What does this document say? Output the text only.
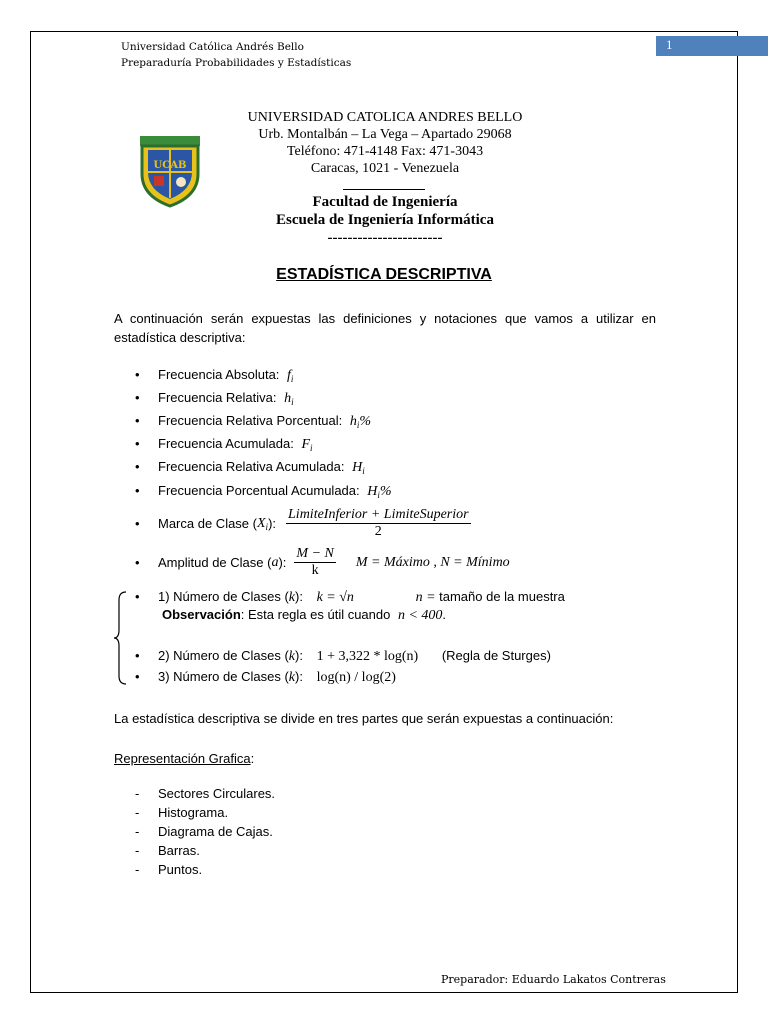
1
Universidad Católica Andrés Bello
Preparaduría Probabilidades y Estadísticas
UCAB
UNIVERSIDAD CATOLICA ANDRES BELLO
Urb. Montalbán – La Vega – Apartado 29068
Teléfono: 471-4148 Fax: 471-3043
Caracas, 1021 - Venezuela
Facultad de Ingeniería
Escuela de Ingeniería Informática
-----------------------
ESTADÍSTICA DESCRIPTIVA
A continuación serán expuestas las definiciones y notaciones que vamos a utilizar en estadística descriptiva:
• Frecuencia Absoluta: $f_i$
• Frecuencia Relativa: $h_i$
• Frecuencia Relativa Porcentual: $h_i\%$
• Frecuencia Acumulada: $F_i$
• Frecuencia Relativa Acumulada: $H_i$
• Frecuencia Porcentual Acumulada: $H_i\%$
•	Marca de Clase ( X i ): $\frac{\text{LimiteInferior + LimiteSuperior}}{2}$
•	Amplitud de Clase ( a ): $\frac{M - N}{k}$ M = Máximo , N = Mínimo
• 1) Número de Clases (k): k = √n	n = tamaño de la muestra
Observación: Esta regla es útil cuando n < 400.
• 2) Número de Clases (k): 1 + 3,322 * log(n) (Regla de Sturges)
• 3) Número de Clases (k): log(n) / log(2)
La estadística descriptiva se divide en tres partes que serán expuestas a continuación:
Representación Grafica:
- Sectores Circulares.
- Histograma.
- Diagrama de Cajas.
- Barras.
- Puntos.
Preparador: Eduardo Lakatos Contreras
